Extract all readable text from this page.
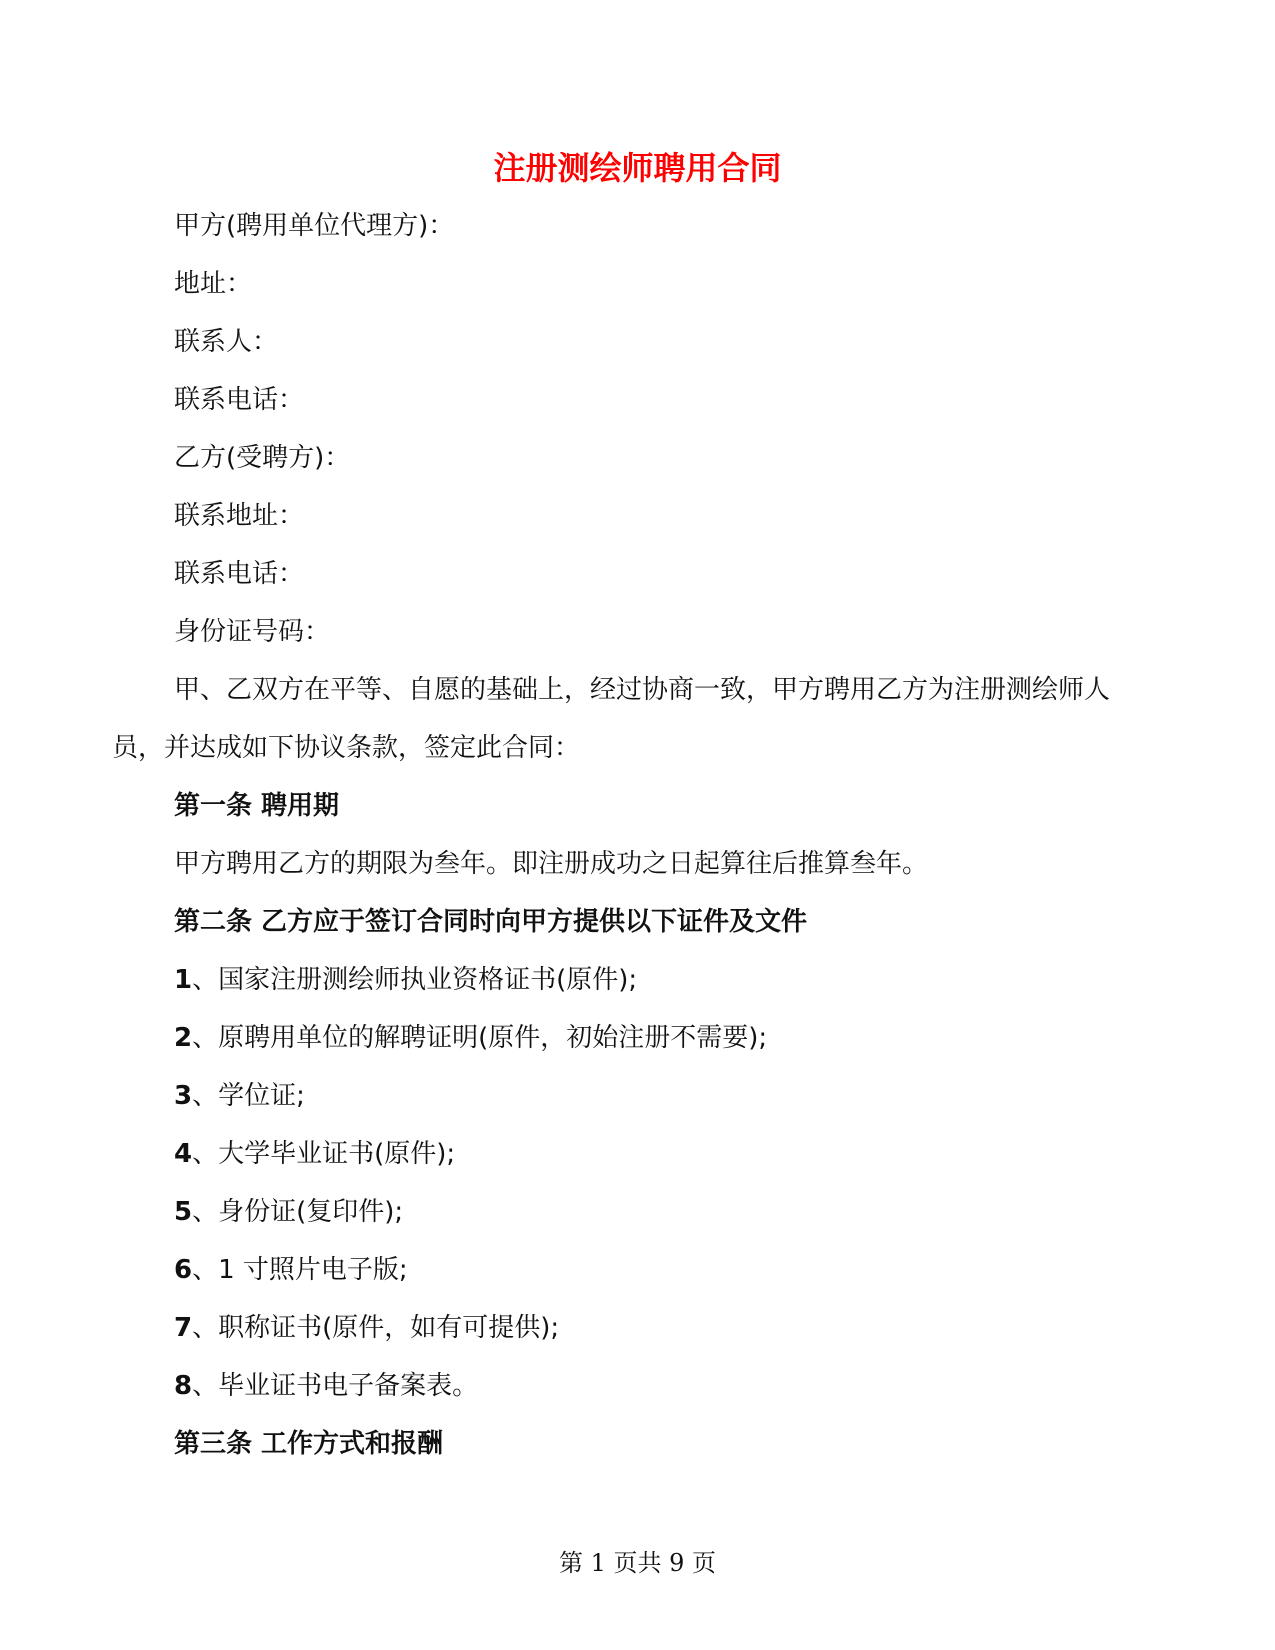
注册测绘师聘用合同

甲方(聘用单位代理方)：

地址：

联系人：

联系电话：

乙方(受聘方)：

联系地址：

联系电话：

身份证号码：

甲、乙双方在平等、自愿的基础上，经过协商一致，甲方聘用乙方为注册测绘师人员，并达成如下协议条款，签定此合同：

第一条 聘用期

甲方聘用乙方的期限为叁年。即注册成功之日起算往后推算叁年。

第二条 乙方应于签订合同时向甲方提供以下证件及文件

1、国家注册测绘师执业资格证书(原件);

2、原聘用单位的解聘证明(原件，初始注册不需要);

3、学位证;

4、大学毕业证书(原件);

5、身份证(复印件);

6、1 寸照片电子版;

7、职称证书(原件，如有可提供);

8、毕业证书电子备案表。

第三条 工作方式和报酬

第 1 页共 9 页
